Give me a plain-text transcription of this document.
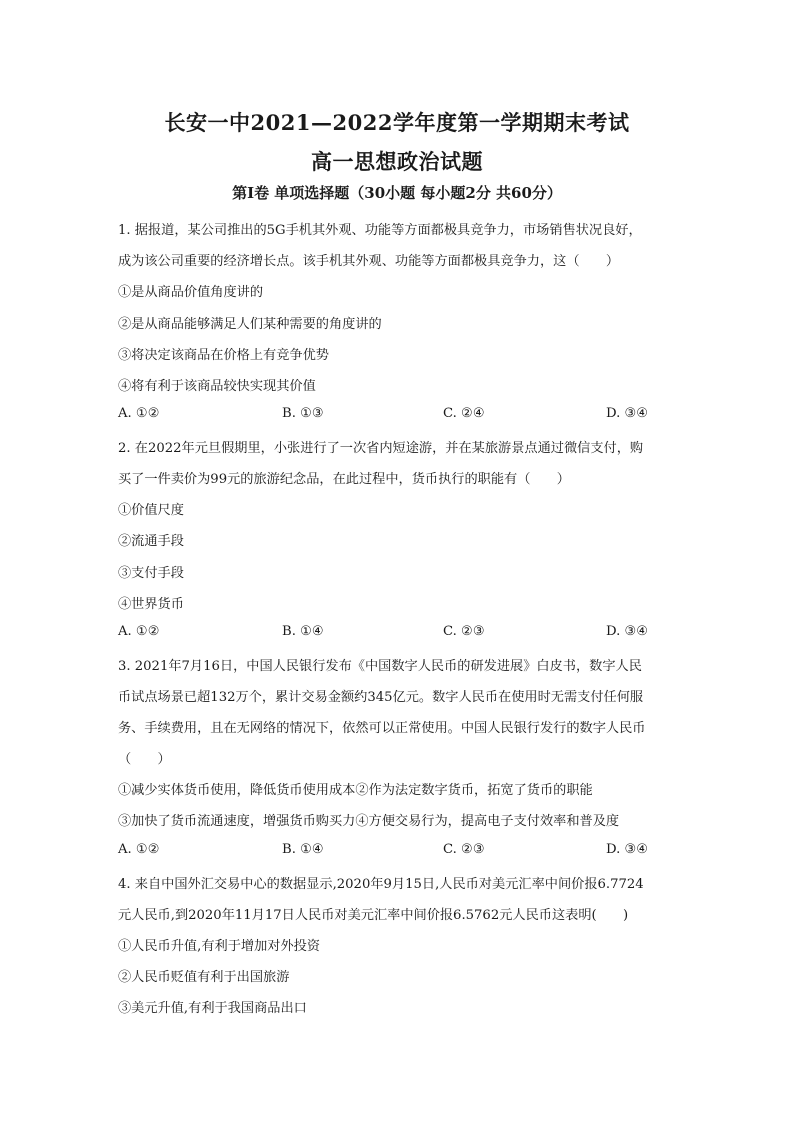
长安一中2021—2022学年度第一学期期末考试
高一思想政治试题
第Ⅰ卷 单项选择题（30小题 每小题2分 共60分）
1. 据报道，某公司推出的5G手机其外观、功能等方面都极具竞争力，市场销售状况良好，
成为该公司重要的经济增长点。该手机其外观、功能等方面都极具竞争力，这（　　）
①是从商品价值角度讲的
②是从商品能够满足人们某种需要的角度讲的
③将决定该商品在价格上有竞争优势
④将有利于该商品较快实现其价值
A. ①②	B. ①③	C. ②④	D. ③④
2. 在2022年元旦假期里，小张进行了一次省内短途游，并在某旅游景点通过微信支付，购
买了一件卖价为99元的旅游纪念品，在此过程中，货币执行的职能有（　　）
①价值尺度
②流通手段
③支付手段
④世界货币
A. ①②	B. ①④	C. ②③	D. ③④
3. 2021年7月16日，中国人民银行发布《中国数字人民币的研发进展》白皮书，数字人民
币试点场景已超132万个，累计交易金额约345亿元。数字人民币在使用时无需支付任何服
务、手续费用，且在无网络的情况下，依然可以正常使用。中国人民银行发行的数字人民币
（　　）
①减少实体货币使用，降低货币使用成本②作为法定数字货币，拓宽了货币的职能
③加快了货币流通速度，增强货币购买力④方便交易行为，提高电子支付效率和普及度
A. ①②	B. ①④	C. ②③	D. ③④
4. 来自中国外汇交易中心的数据显示,2020年9月15日,人民币对美元汇率中间价报6.7724
元人民币,到2020年11月17日人民币对美元汇率中间价报6.5762元人民币这表明(　　)
①人民币升值,有利于增加对外投资
②人民币贬值有利于出国旅游
③美元升值,有利于我国商品出口
